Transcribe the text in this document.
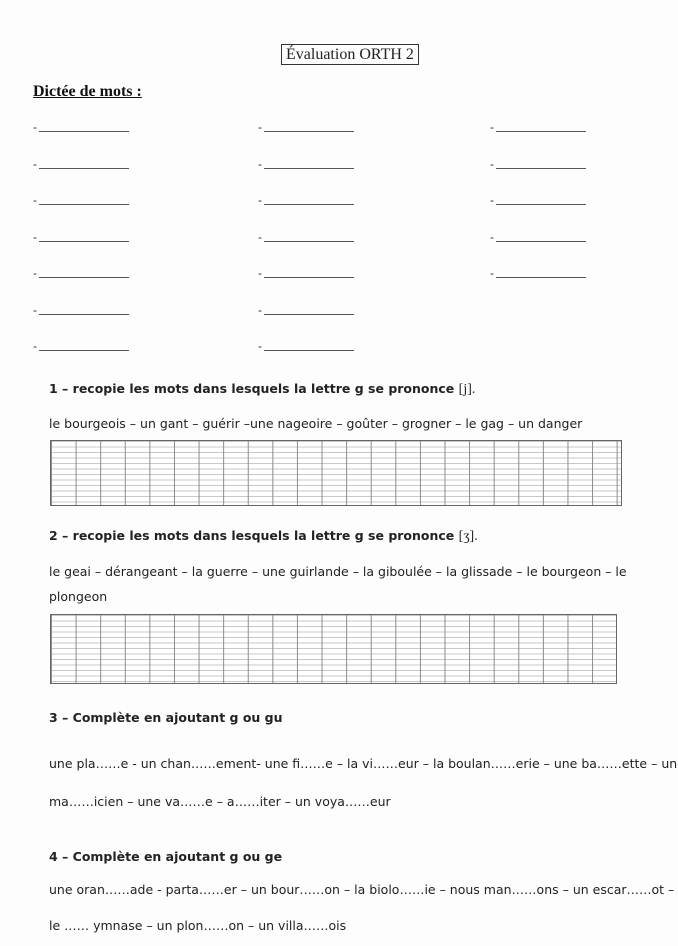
Évaluation ORTH 2
Dictée de mots :
-
-
-
-
-
-
-
-
-
-
-
-
-
-
-
-
-
-
-
1 – recopie les mots dans lesquels la lettre g se prononce [j].
le bourgeois – un gant – guérir –une nageoire – goûter – grogner – le gag – un danger
2 – recopie les mots dans lesquels la lettre g se prononce [ʒ].
le geai – dérangeant – la guerre – une guirlande – la giboulée – la glissade – le bourgeon – le
plongeon
3 – Complète en ajoutant g ou gu
une pla……e - un chan……ement- une fi……e – la vi……eur – la boulan……erie – une ba……ette – un
ma……icien – une va……e – a……iter – un voya……eur
4 – Complète en ajoutant g ou ge
une oran……ade - parta……er – un bour……on – la biolo……ie – nous man……ons – un escar……ot –
le …… ymnase – un plon……on – un villa……ois
